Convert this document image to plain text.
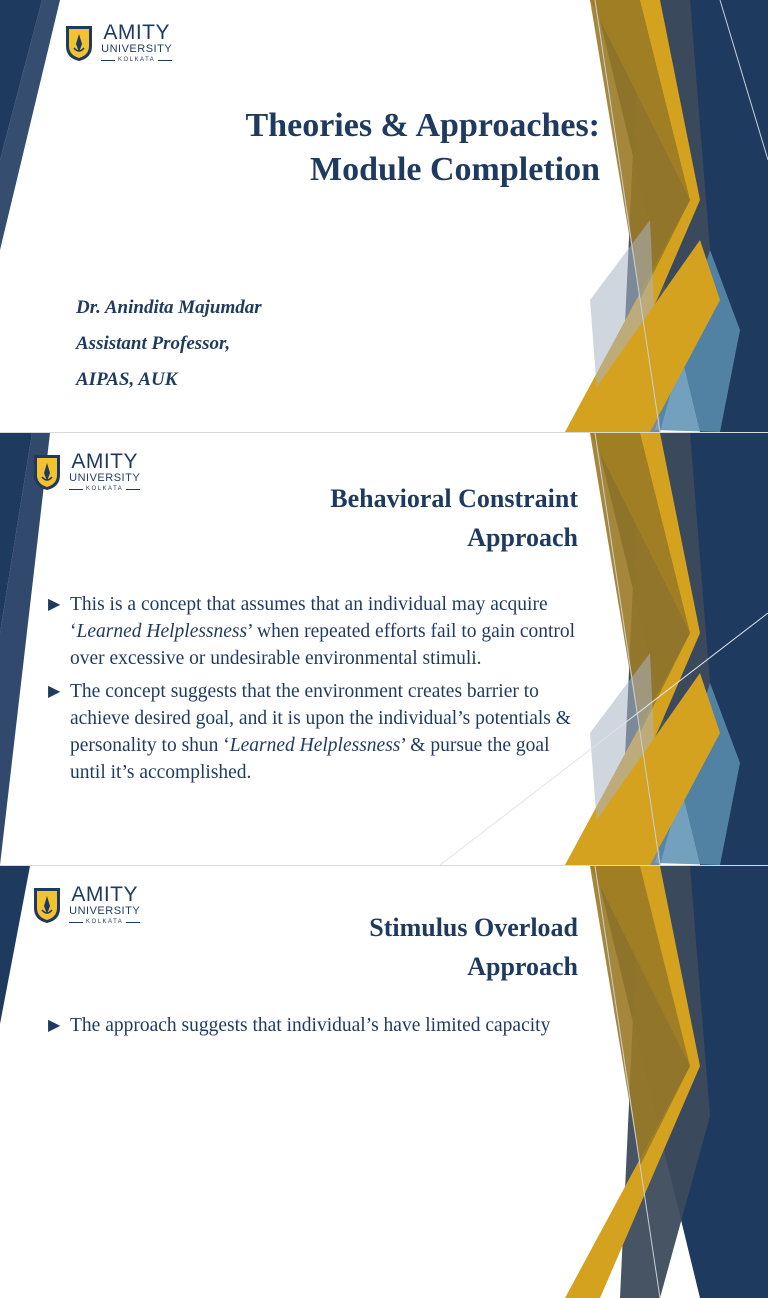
AMITY
UNIVERSITY
KOLKATA
Theories & Approaches:
Module Completion
Dr. Anindita Majumdar
Assistant Professor,
AIPAS, AUK
AMITY
UNIVERSITY
KOLKATA	Behavioral Constraint
Approach
▶ This is a concept that assumes that an individual may acquire ‘Learned Helplessness’ when repeated efforts fail to gain control over excessive or undesirable environmental stimuli.
▶ The concept suggests that the environment creates barrier to achieve desired goal, and it is upon the individual’s potentials & personality to shun ‘Learned Helplessness’ & pursue the goal until it’s accomplished.
AMITY
UNIVERSITY
KOLKATA	Stimulus Overload
Approach
▶ The approach suggests that individual’s have limited capacity
